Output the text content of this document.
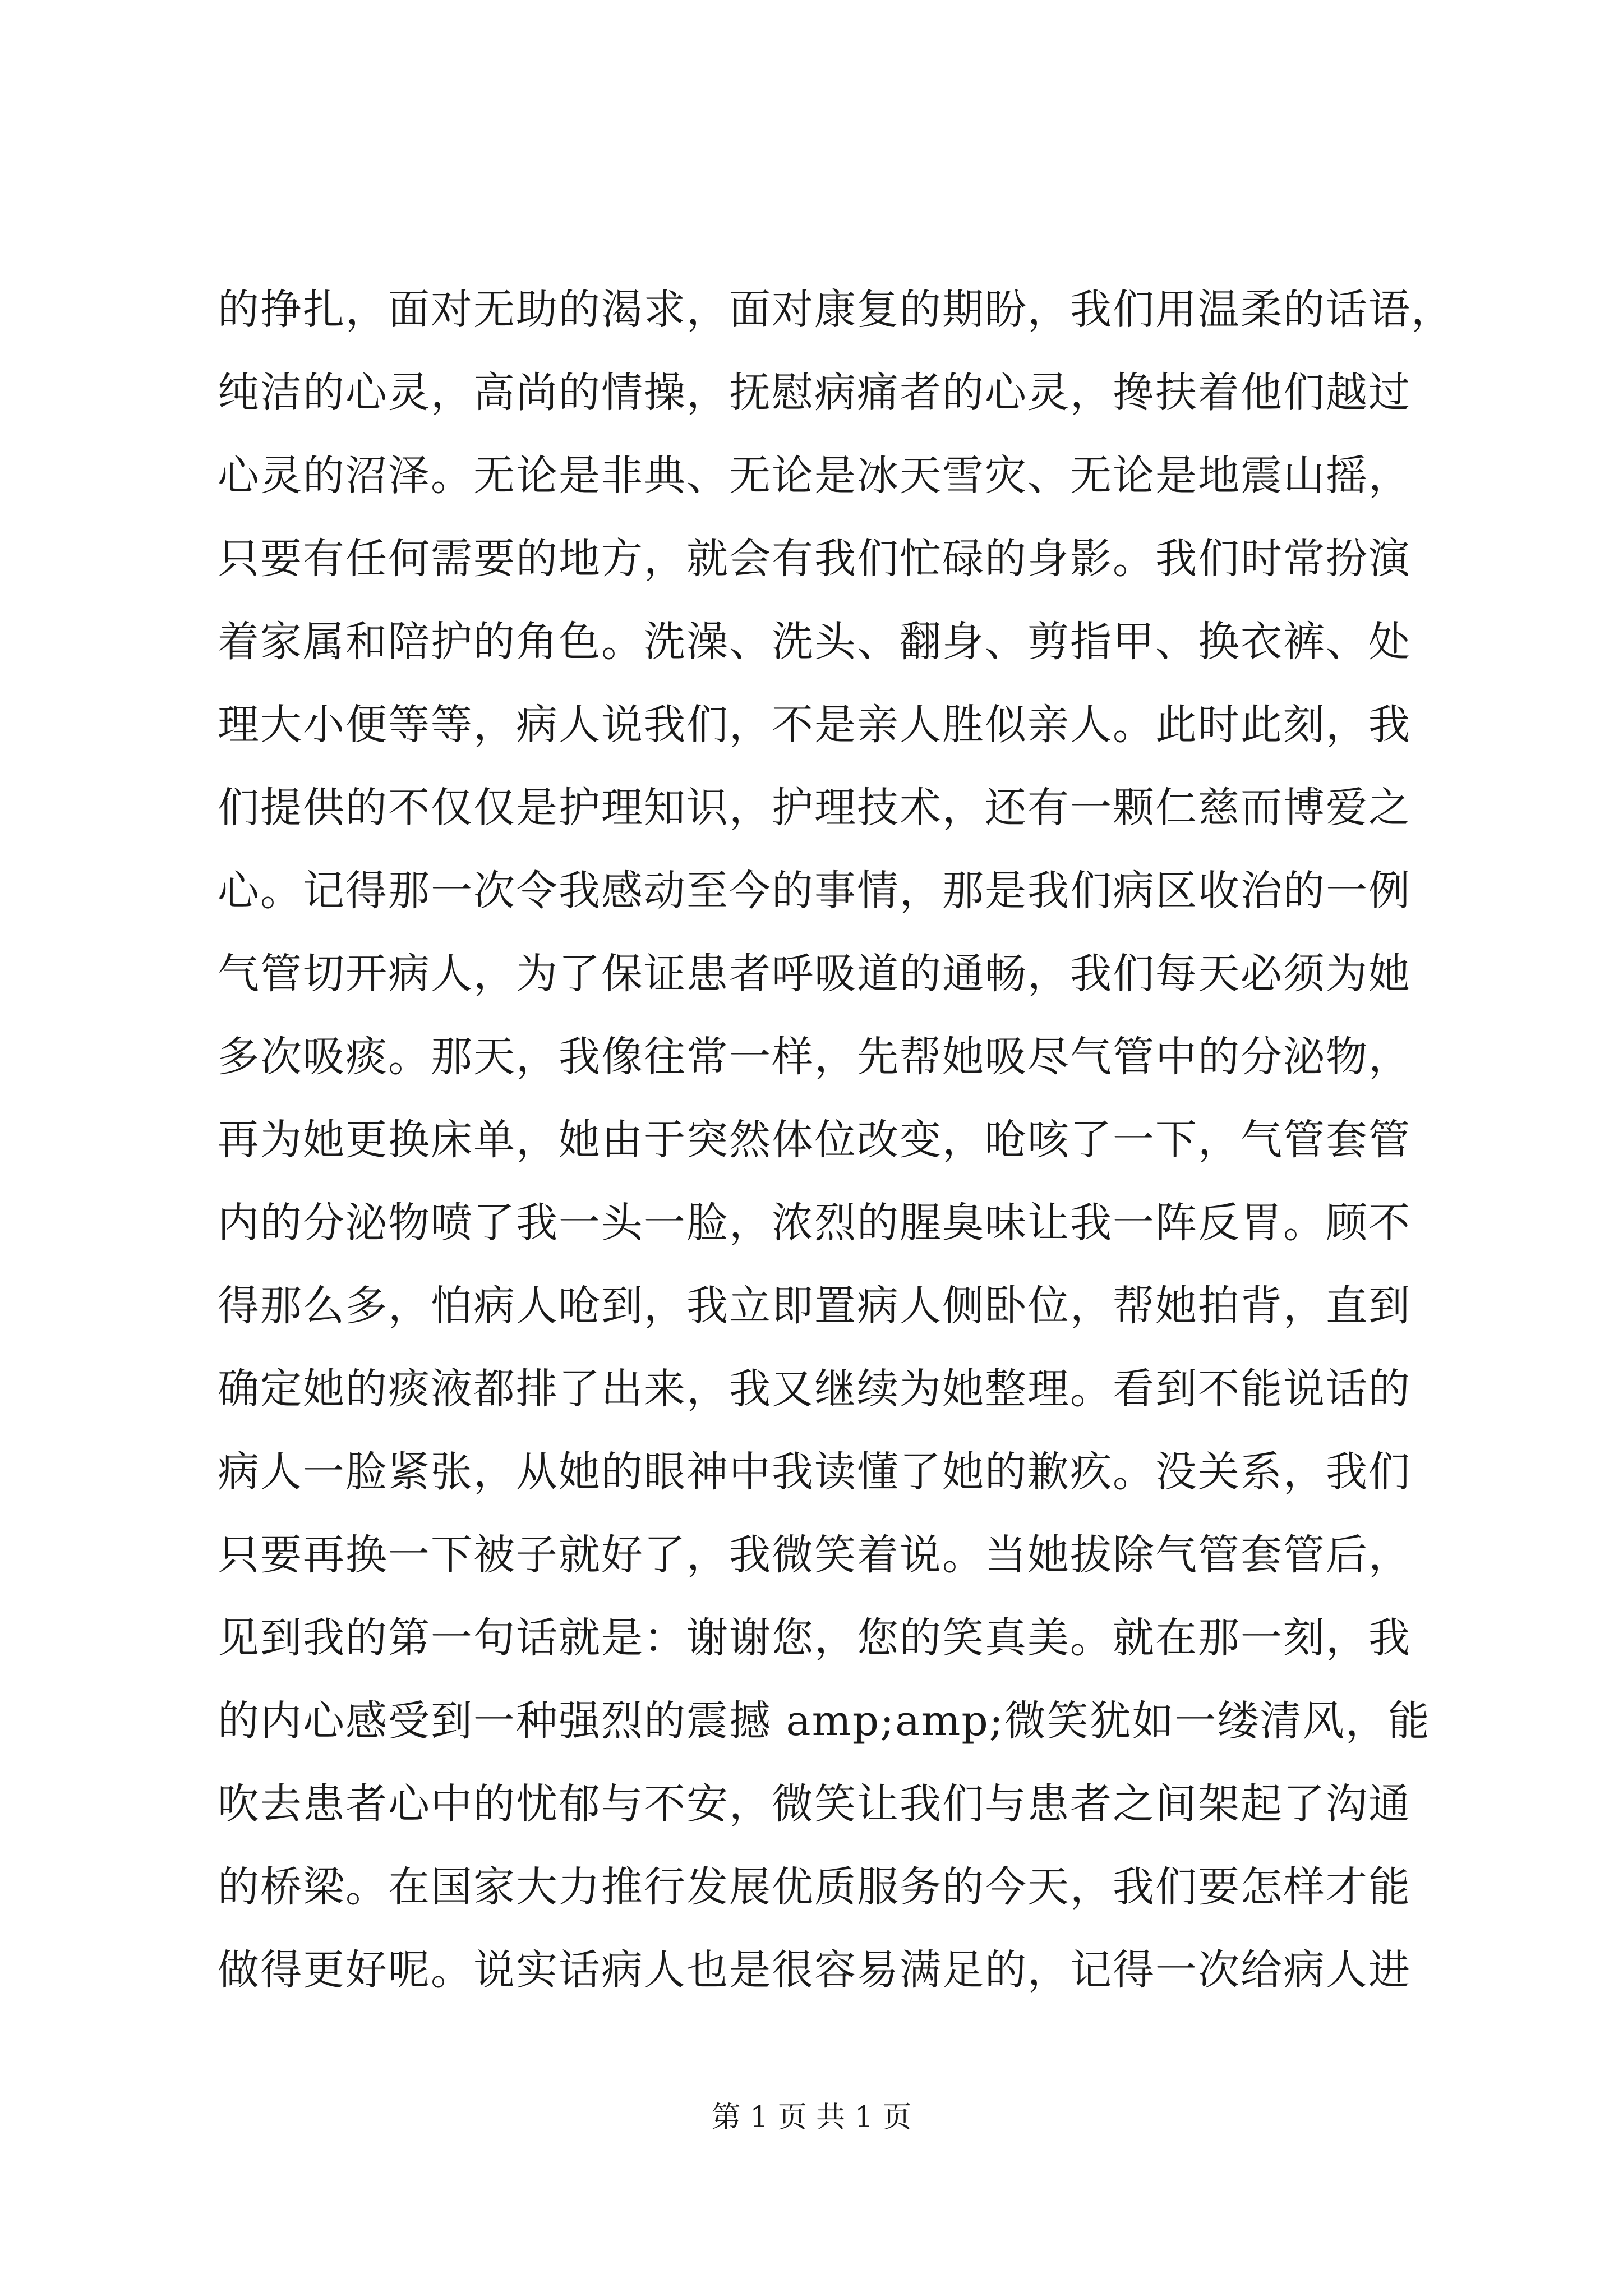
的挣扎，面对无助的渴求，面对康复的期盼，我们用温柔的话语，
纯洁的心灵，高尚的情操，抚慰病痛者的心灵，搀扶着他们越过
心灵的沼泽。无论是非典、无论是冰天雪灾、无论是地震山摇，
只要有任何需要的地方，就会有我们忙碌的身影。我们时常扮演
着家属和陪护的角色。洗澡、洗头、翻身、剪指甲、换衣裤、处
理大小便等等，病人说我们，不是亲人胜似亲人。此时此刻，我
们提供的不仅仅是护理知识，护理技术，还有一颗仁慈而博爱之
心。记得那一次令我感动至今的事情，那是我们病区收治的一例
气管切开病人，为了保证患者呼吸道的通畅，我们每天必须为她
多次吸痰。那天，我像往常一样，先帮她吸尽气管中的分泌物，
再为她更换床单，她由于突然体位改变，呛咳了一下，气管套管
内的分泌物喷了我一头一脸，浓烈的腥臭味让我一阵反胃。顾不
得那么多，怕病人呛到，我立即置病人侧卧位，帮她拍背，直到
确定她的痰液都排了出来，我又继续为她整理。看到不能说话的
病人一脸紧张，从她的眼神中我读懂了她的歉疚。没关系，我们
只要再换一下被子就好了，我微笑着说。当她拔除气管套管后，
见到我的第一句话就是：谢谢您，您的笑真美。就在那一刻，我
的内心感受到一种强烈的震撼 amp;amp;微笑犹如一缕清风，能
吹去患者心中的忧郁与不安，微笑让我们与患者之间架起了沟通
的桥梁。在国家大力推行发展优质服务的今天，我们要怎样才能
做得更好呢。说实话病人也是很容易满足的，记得一次给病人进
第 1 页 共 1 页
